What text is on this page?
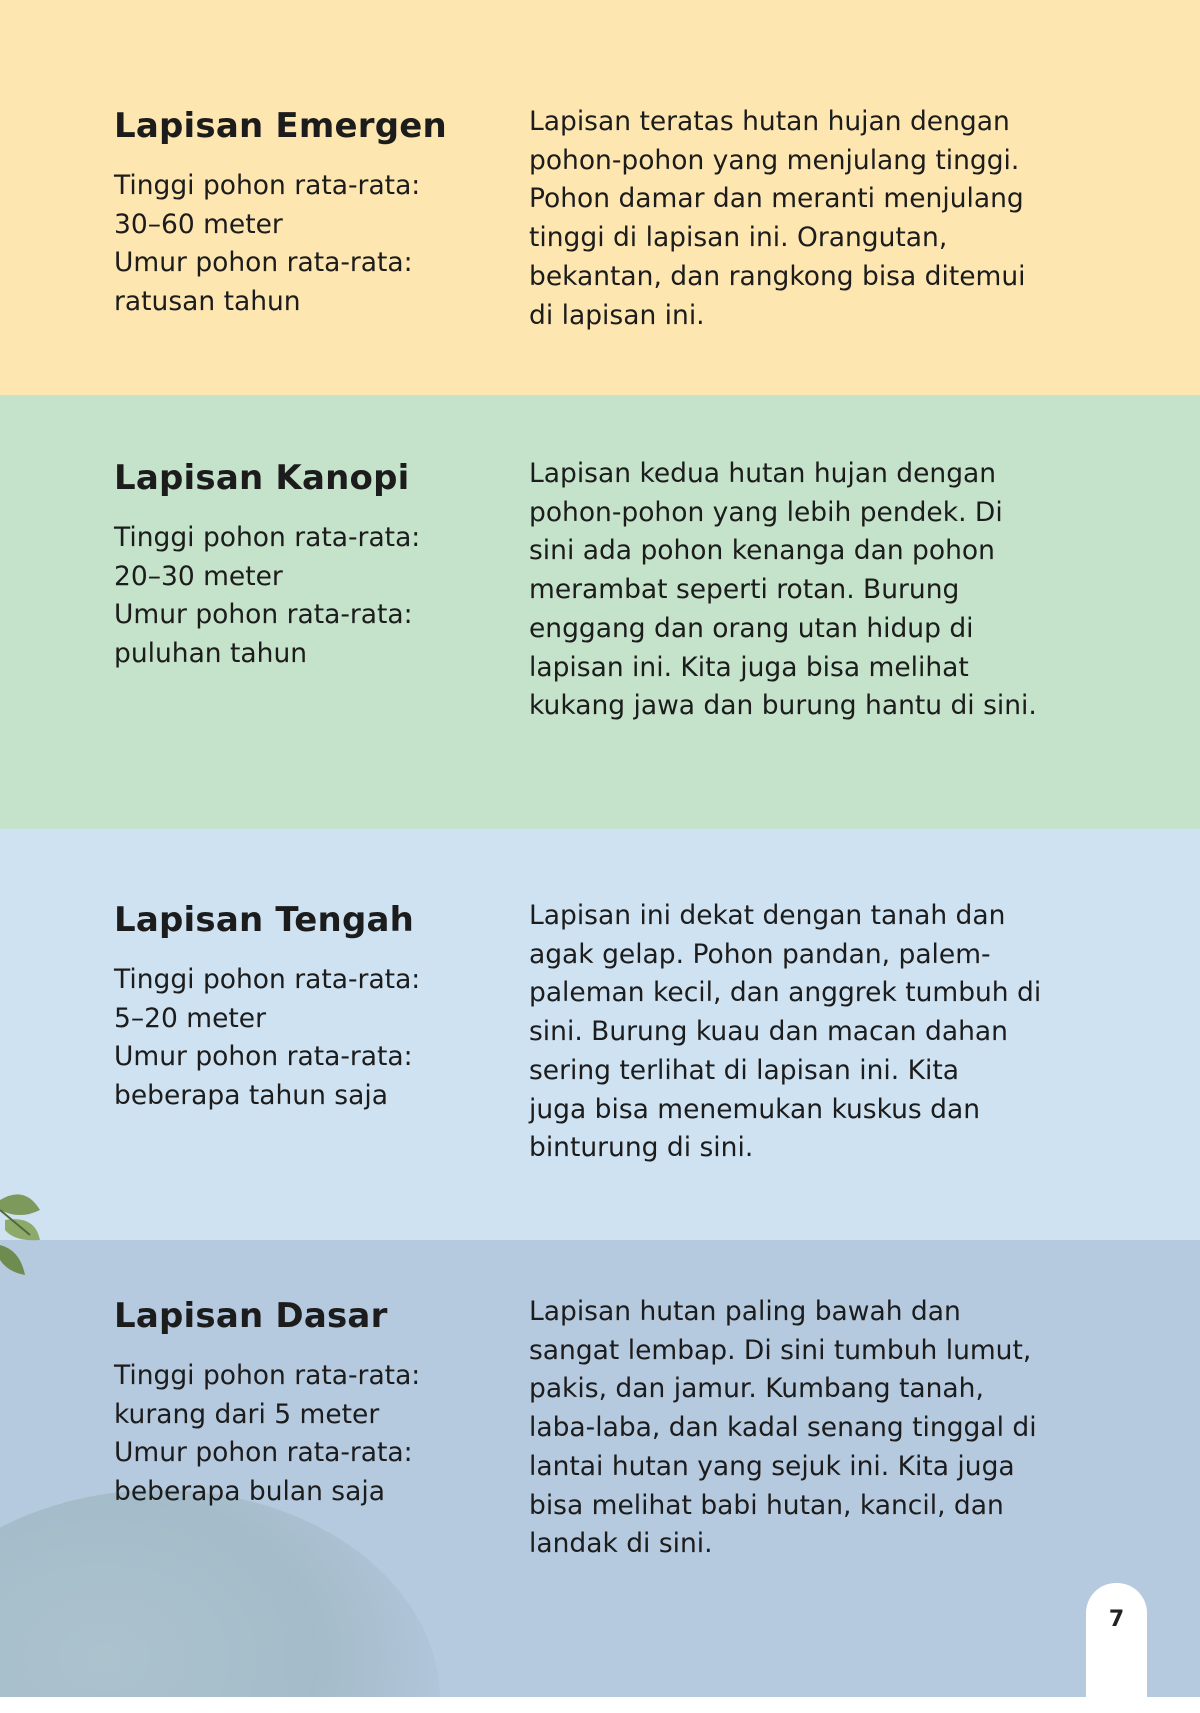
Lapisan Emergen

Tinggi pohon rata-rata:

30–60 meter

Umur pohon rata-rata:

ratusan tahun

Lapisan teratas hutan hujan dengan

pohon-pohon yang menjulang tinggi.

Pohon damar dan meranti menjulang

tinggi di lapisan ini. Orangutan,

bekantan, dan rangkong bisa ditemui

di lapisan ini.

Lapisan Kanopi

Tinggi pohon rata-rata:

20–30 meter

Umur pohon rata-rata:

puluhan tahun

Lapisan kedua hutan hujan dengan

pohon-pohon yang lebih pendek. Di

sini ada pohon kenanga dan pohon

merambat seperti rotan. Burung

enggang dan orang utan hidup di

lapisan ini. Kita juga bisa melihat

kukang jawa dan burung hantu di sini.

Lapisan Tengah

Tinggi pohon rata-rata:

5–20 meter

Umur pohon rata-rata:

beberapa tahun saja

Lapisan ini dekat dengan tanah dan

agak gelap. Pohon pandan, palem-

paleman kecil, dan anggrek tumbuh di

sini. Burung kuau dan macan dahan

sering terlihat di lapisan ini. Kita

juga bisa menemukan kuskus dan

binturung di sini.

Lapisan Dasar

Tinggi pohon rata-rata:

kurang dari 5 meter

Umur pohon rata-rata:

beberapa bulan saja

Lapisan hutan paling bawah dan

sangat lembap. Di sini tumbuh lumut,

pakis, dan jamur. Kumbang tanah,

laba-laba, dan kadal senang tinggal di

lantai hutan yang sejuk ini. Kita juga

bisa melihat babi hutan, kancil, dan

landak di sini.

7
